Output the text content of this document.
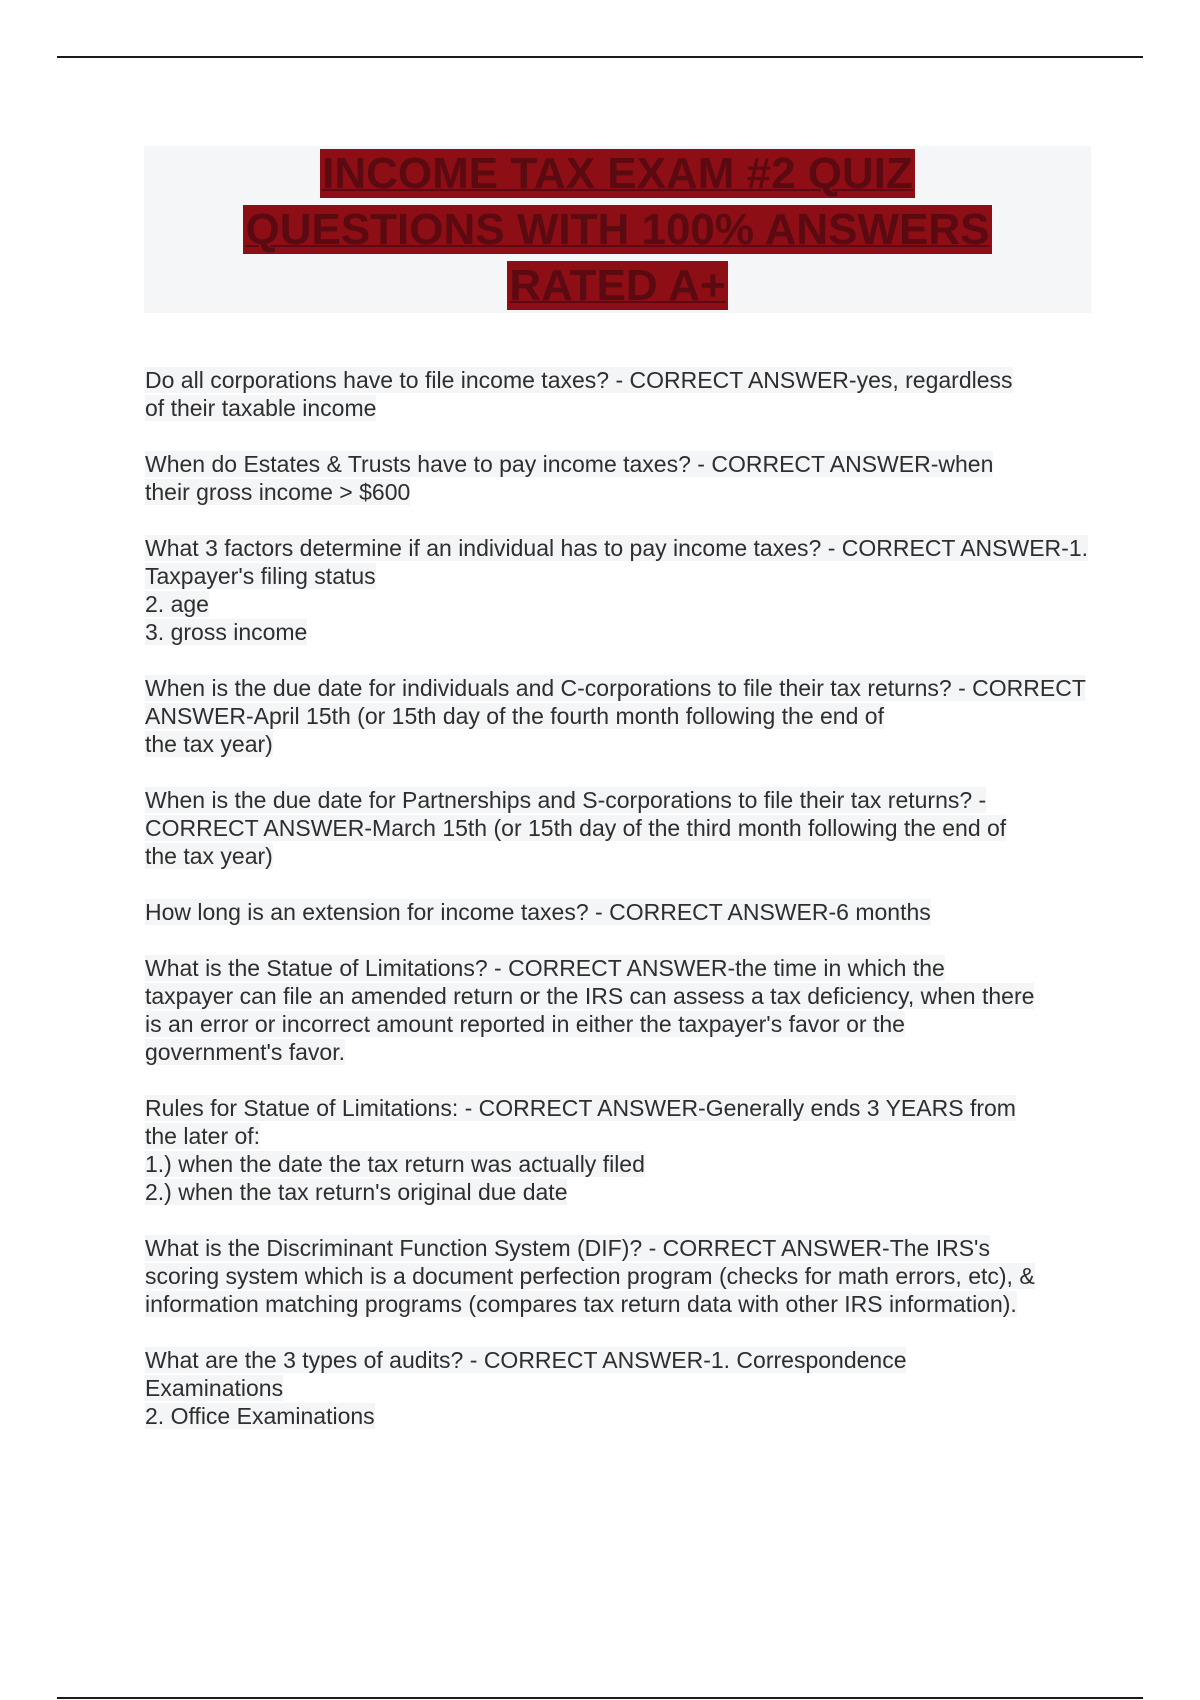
INCOME TAX EXAM #2 QUIZ
QUESTIONS WITH 100% ANSWERS
RATED A+
Do all corporations have to file income taxes? - CORRECT ANSWER-yes, regardless
of their taxable income
When do Estates & Trusts have to pay income taxes? - CORRECT ANSWER-when
their gross income > $600
What 3 factors determine if an individual has to pay income taxes? - CORRECT ANSWER-1. Taxpayer's filing status
2. age
3. gross income
When is the due date for individuals and C-corporations to file their tax returns? - CORRECT ANSWER-April 15th (or 15th day of the fourth month following the end of
the tax year)
When is the due date for Partnerships and S-corporations to file their tax returns? - CORRECT ANSWER-March 15th (or 15th day of the third month following the end of
the tax year)
How long is an extension for income taxes? - CORRECT ANSWER-6 months
What is the Statue of Limitations? - CORRECT ANSWER-the time in which the
taxpayer can file an amended return or the IRS can assess a tax deficiency, when there
is an error or incorrect amount reported in either the taxpayer's favor or the
government's favor.
Rules for Statue of Limitations: - CORRECT ANSWER-Generally ends 3 YEARS from
the later of:
1.) when the date the tax return was actually filed
2.) when the tax return's original due date
What is the Discriminant Function System (DIF)? - CORRECT ANSWER-The IRS's
scoring system which is a document perfection program (checks for math errors, etc), &
information matching programs (compares tax return data with other IRS information).
What are the 3 types of audits? - CORRECT ANSWER-1. Correspondence
Examinations
2. Office Examinations
